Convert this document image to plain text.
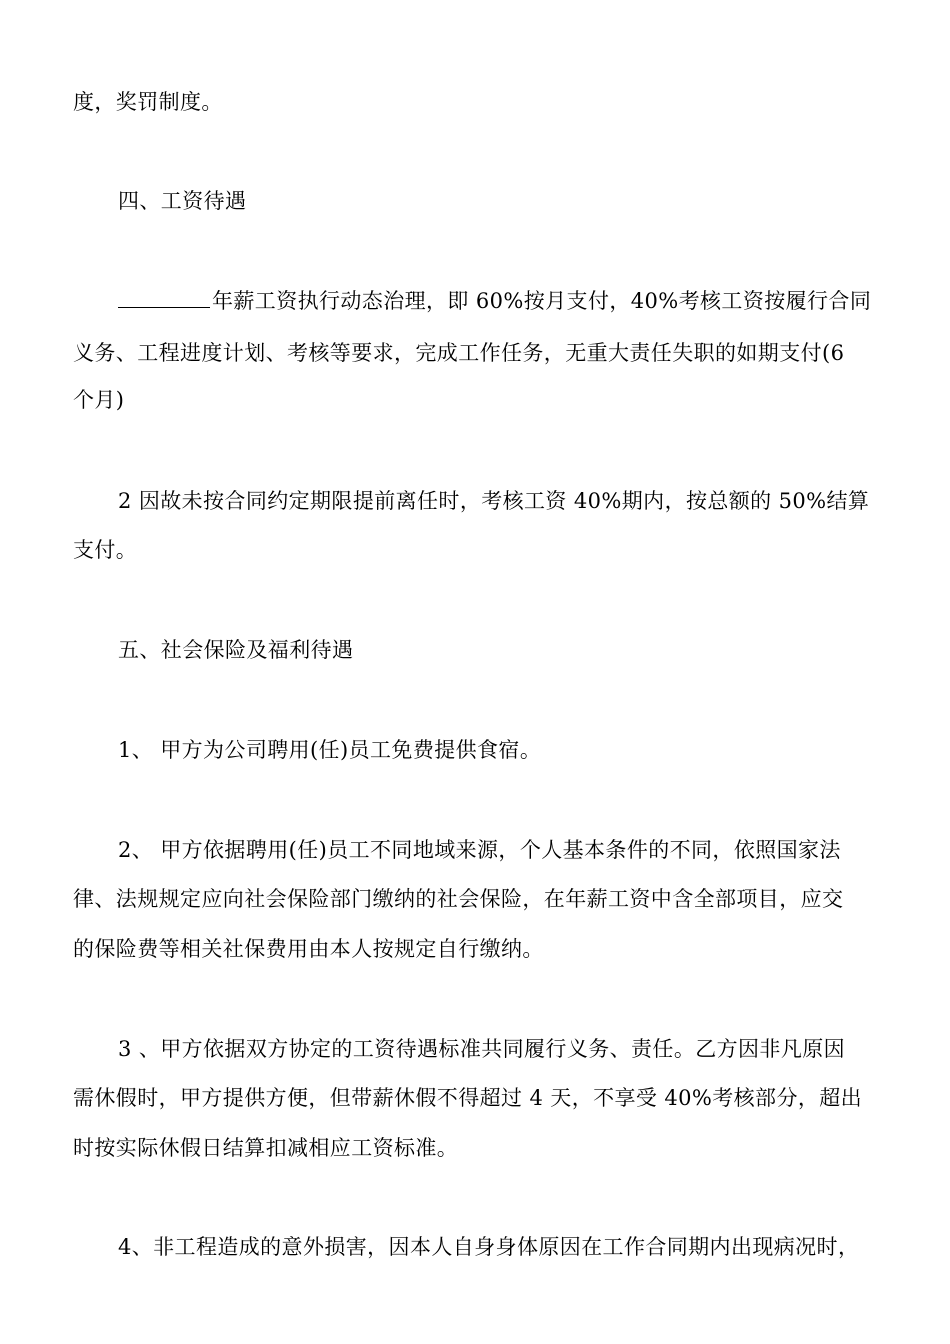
度，奖罚制度。
四、工资待遇
年薪工资执行动态治理，即 60%按月支付，40%考核工资按履行合同
义务、工程进度计划、考核等要求，完成工作任务，无重大责任失职的如期支付(6
个月)
2 因故未按合同约定期限提前离任时，考核工资 40%期内，按总额的 50%结算
支付。
五、社会保险及福利待遇
1、 甲方为公司聘用(任)员工免费提供食宿。
2、 甲方依据聘用(任)员工不同地域来源，个人基本条件的不同，依照国家法
律、法规规定应向社会保险部门缴纳的社会保险，在年薪工资中含全部项目，应交
的保险费等相关社保费用由本人按规定自行缴纳。
3 、甲方依据双方协定的工资待遇标准共同履行义务、责任。乙方因非凡原因
需休假时，甲方提供方便，但带薪休假不得超过 4 天，不享受 40%考核部分，超出
时按实际休假日结算扣减相应工资标准。
4、非工程造成的意外损害，因本人自身身体原因在工作合同期内出现病况时，
